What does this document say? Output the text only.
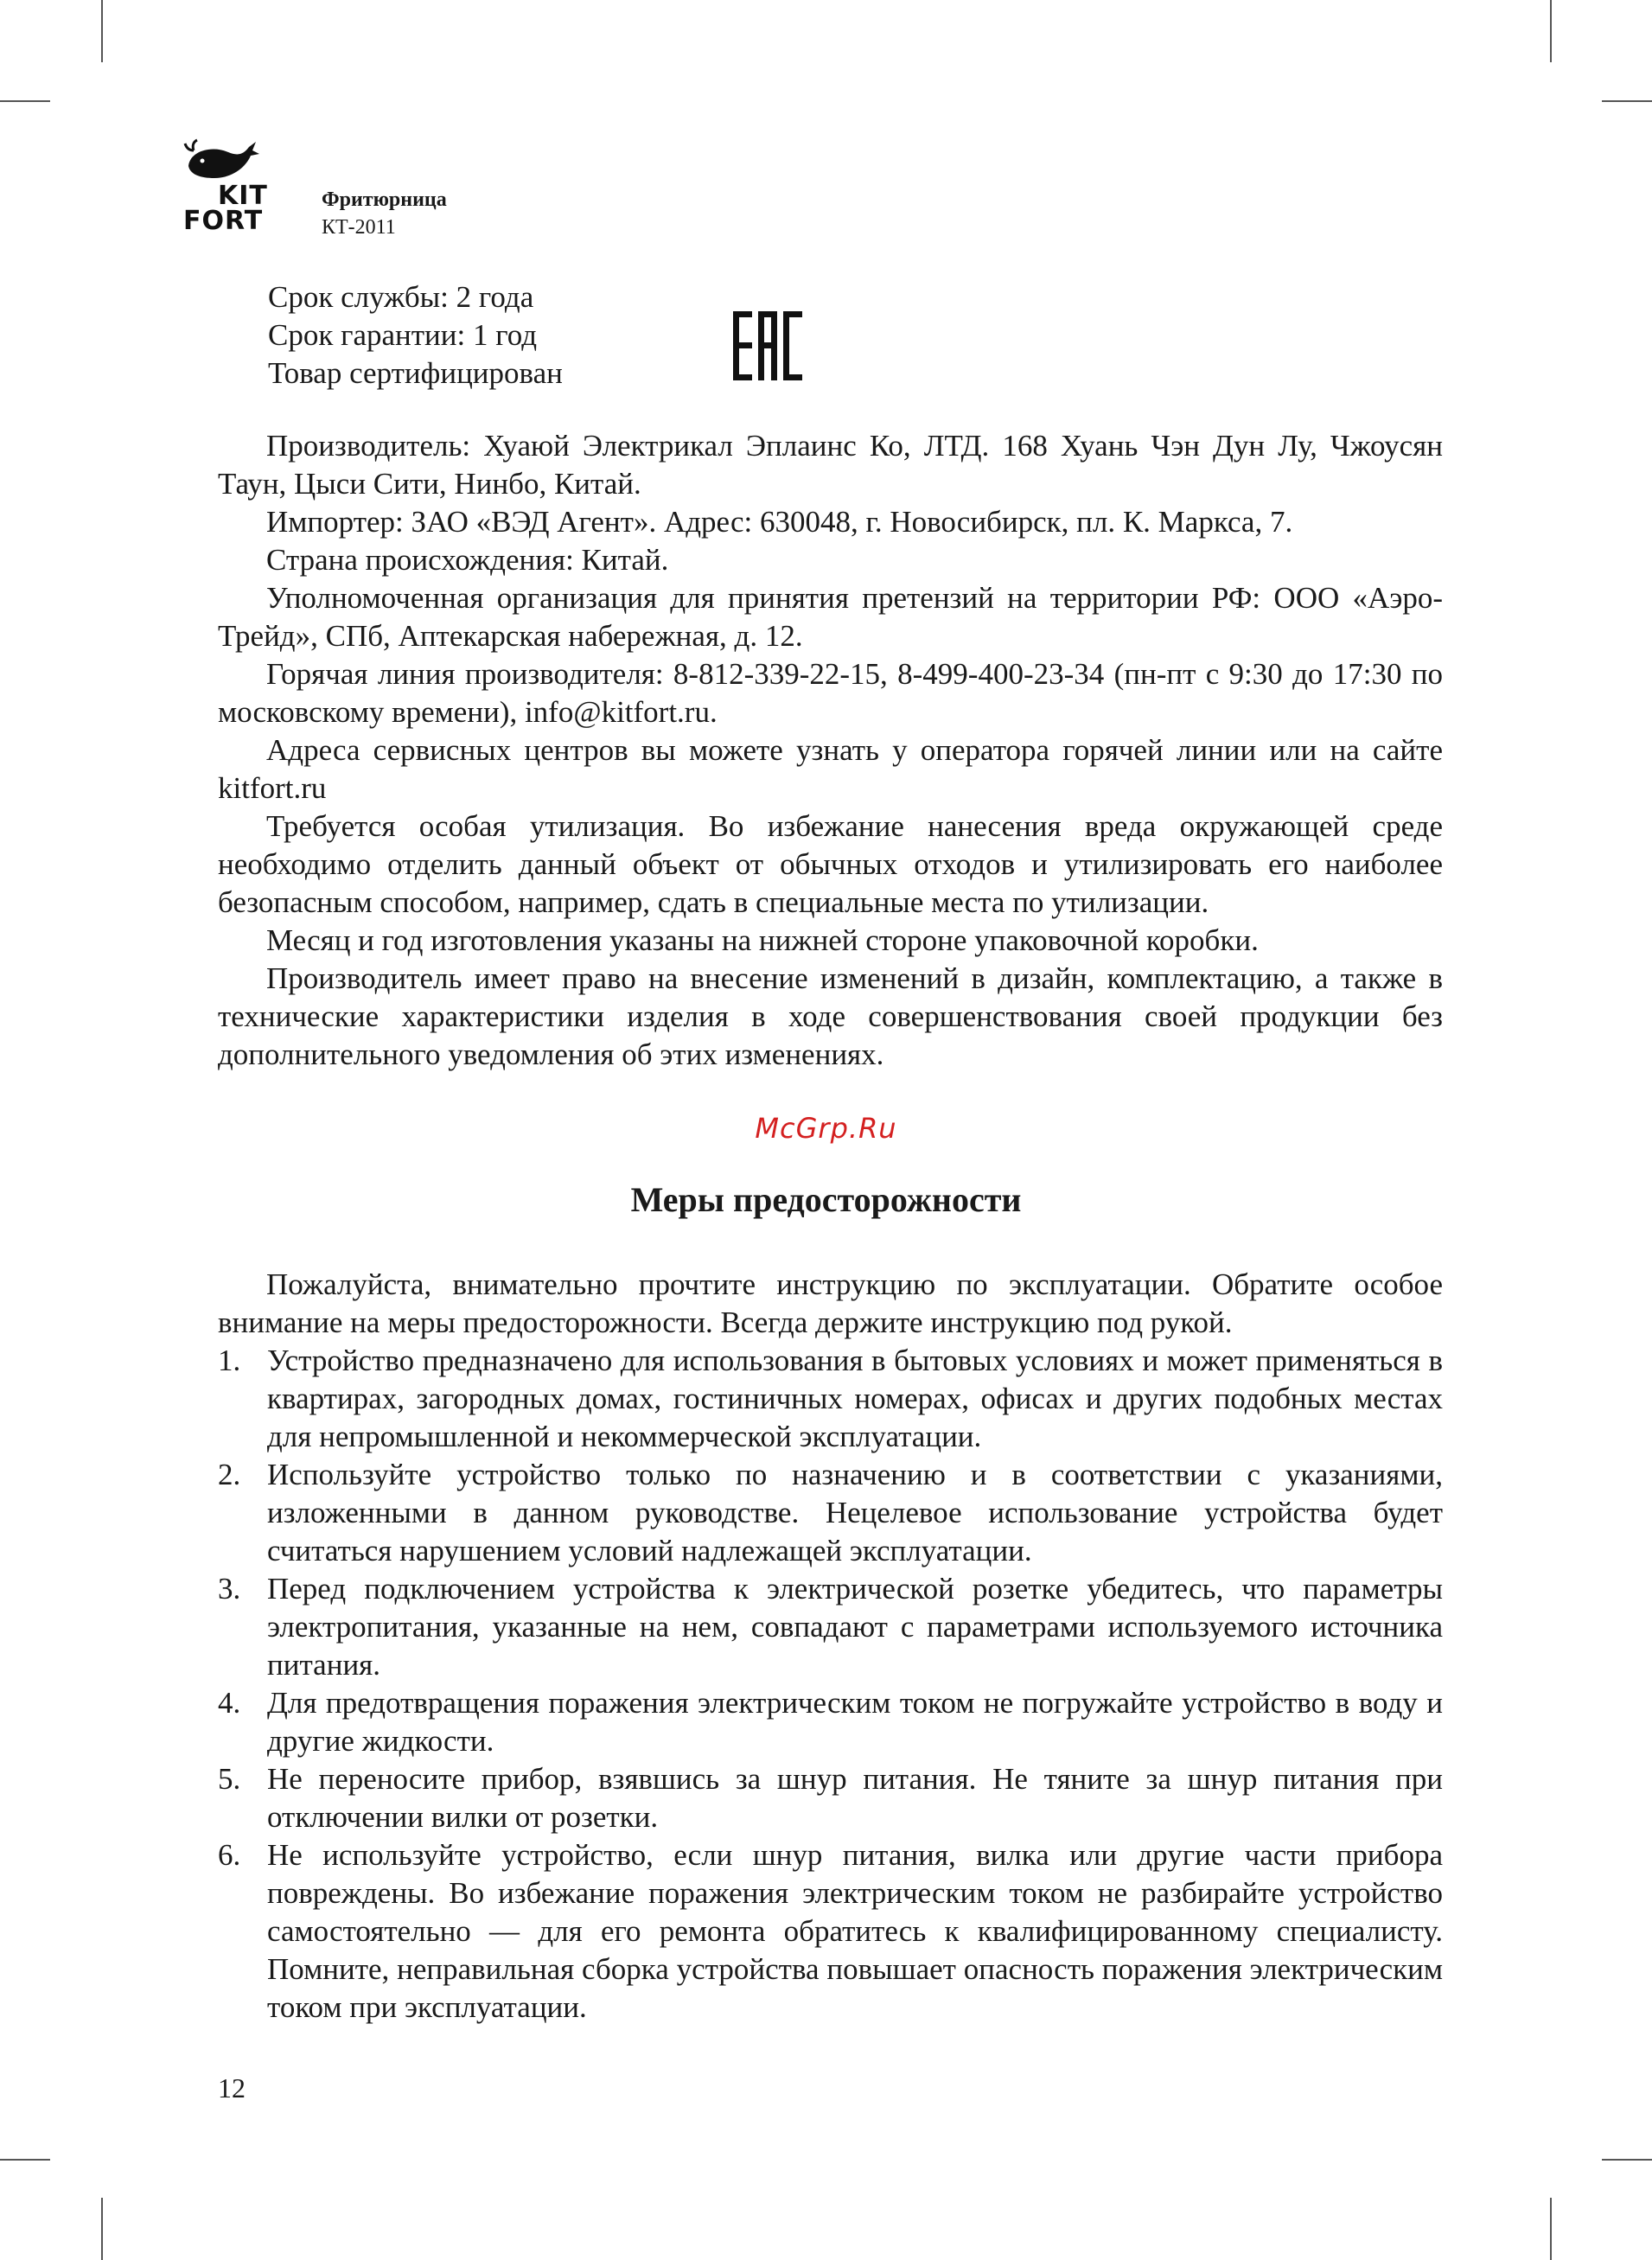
KIT
FORT
Фритюрница
КТ-2011
Срок службы: 2 года
Срок гарантии: 1 год
Товар сертифицирован

Производитель: Хуаюй Электрикал Эплаинс Ко, ЛТД. 168 Хуань Чэн Дун Лу, Чжоусян Таун, Цыси Сити, Нинбо, Китай.

Импортер: ЗАО «ВЭД Агент». Адрес: 630048, г. Новосибирск, пл. К. Маркса, 7.

Страна происхождения: Китай.

Уполномоченная организация для принятия претензий на территории РФ: ООО «Аэро-Трейд», СПб, Аптекарская набережная, д. 12.

Горячая линия производителя: 8-812-339-22-15, 8-499-400-23-34 (пн-пт с 9:30 до 17:30 по московскому времени), info@kitfort.ru.

Адреса сервисных центров вы можете узнать у оператора горячей линии или на сайте kitfort.ru

Требуется особая утилизация. Во избежание нанесения вреда окружающей среде необходимо отделить данный объект от обычных отходов и утилизировать его наиболее безопасным способом, например, сдать в специальные места по утилизации.

Месяц и год изготовления указаны на нижней стороне упаковочной коробки.

Производитель имеет право на внесение изменений в дизайн, комплектацию, а также в технические характеристики изделия в ходе совершенствования своей продукции без дополнительного уведомления об этих изменениях.

McGrp.Ru
Меры предосторожности

Пожалуйста, внимательно прочтите инструкцию по эксплуатации. Обратите особое внимание на меры предосторожности. Всегда держите инструкцию под рукой.

1. Устройство предназначено для использования в бытовых условиях и может применяться в квартирах, загородных домах, гостиничных номерах, офисах и других подобных местах для непромышленной и некоммерческой эксплуатации.
2. Используйте устройство только по назначению и в соответствии с указаниями, изложенными в данном руководстве. Нецелевое использование устройства будет считаться нарушением условий надлежащей эксплуатации.
3. Перед подключением устройства к электрической розетке убедитесь, что параметры электропитания, указанные на нем, совпадают с параметрами используемого источника питания.
4. Для предотвращения поражения электрическим током не погружайте устройство в воду и другие жидкости.
5. Не переносите прибор, взявшись за шнур питания. Не тяните за шнур питания при отключении вилки от розетки.
6. Не используйте устройство, если шнур питания, вилка или другие части прибора повреждены. Во избежание поражения электрическим током не разбирайте устройство самостоятельно — для его ремонта обратитесь к квалифицированному специалисту. Помните, неправильная сборка устройства повышает опасность поражения электрическим током при эксплуатации.
12
